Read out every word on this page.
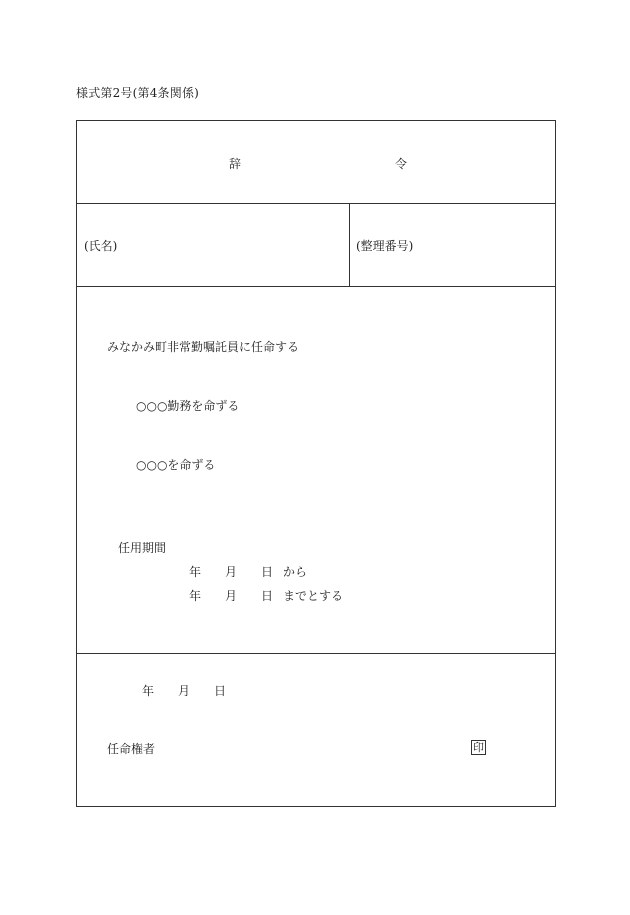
様式第2号(第4条関係)
辞	令
(氏名)	(整理番号)
みなかみ町非常勤嘱託員に任命する
○○○勤務を命ずる
○○○を命ずる
任用期間
年 月 日 から
年 月 日 までとする
年 月 日
任命権者	印
